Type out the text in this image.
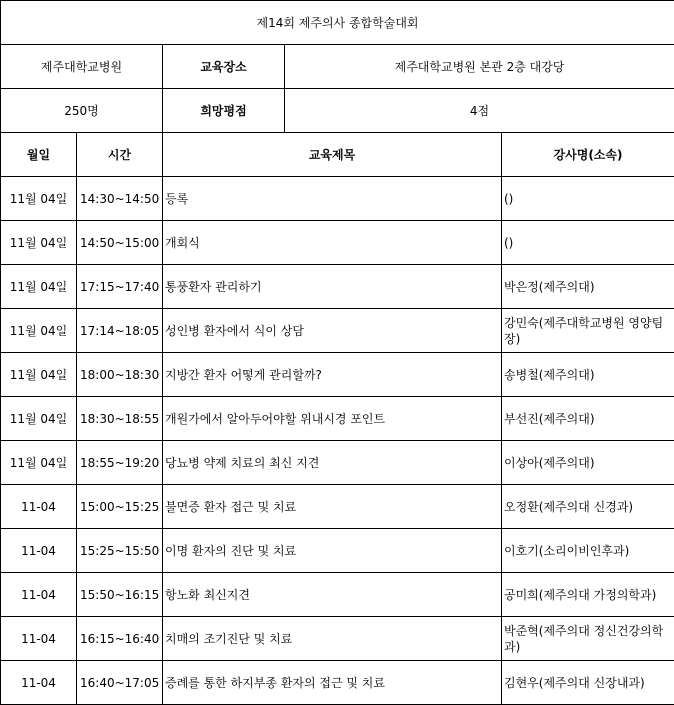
제14회 제주의사 종합학술대회				
제주대학교병원		교육장소	제주대학교병원 본관 2층 대강당	
250명		희망평점	4점	
월일	시간	교육제목		강사명(소속)
11월 04일	14:30~14:50	등록		()
11월 04일	14:50~15:00	개회식		()
11월 04일	17:15~17:40	통풍환자 관리하기		박은정(제주의대)
11월 04일	17:14~18:05	성인병 환자에서 식이 상담		강민숙(제주대학교병원 영양팀장)
11월 04일	18:00~18:30	지방간 환자 어떻게 관리할까?		송병철(제주의대)
11월 04일	18:30~18:55	개원가에서 알아두어야할 위내시경 포인트		부선진(제주의대)
11월 04일	18:55~19:20	당뇨병 약제 치료의 최신 지견		이상아(제주의대)
11-04	15:00~15:25	불면증 환자 접근 및 치료		오정환(제주의대 신경과)
11-04	15:25~15:50	이명 환자의 진단 및 치료		이호기(소리이비인후과)
11-04	15:50~16:15	항노화 최신지견		공미희(제주의대 가정의학과)
11-04	16:15~16:40	치매의 조기진단 및 치료		박준혁(제주의대 정신건강의학과)
11-04	16:40~17:05	증례를 통한 하지부종 환자의 접근 및 치료		김현우(제주의대 신장내과)
